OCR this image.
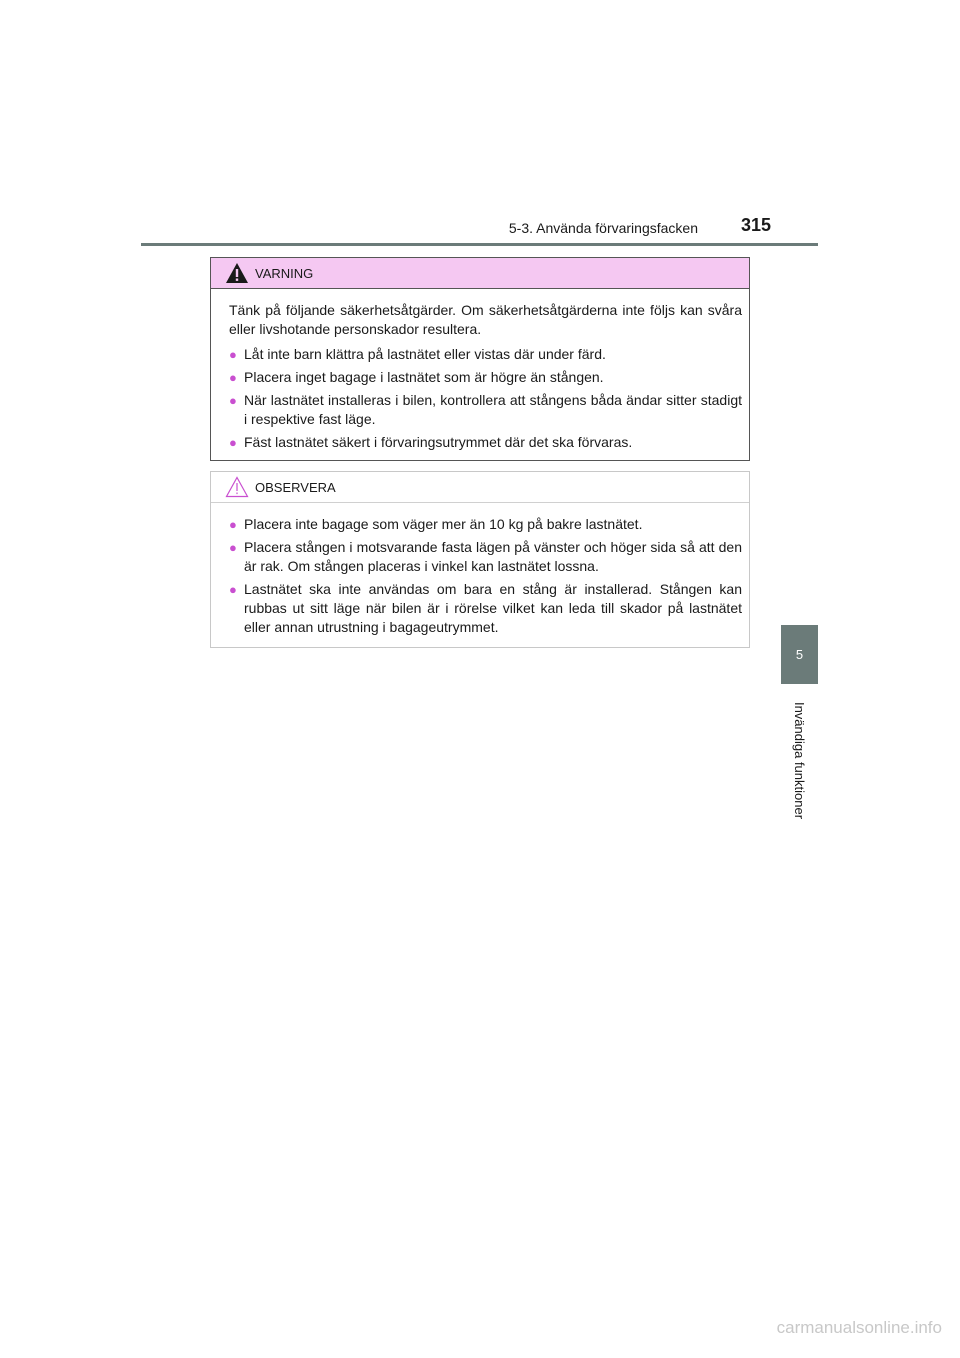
5-3. Använda förvaringsfacken 315
5
Invändiga funktioner
VARNING

Tänk på följande säkerhetsåtgärder. Om säkerhetsåtgärderna inte följs kan svåra eller livshotande personskador resultera.

● Låt inte barn klättra på lastnätet eller vistas där under färd.
● Placera inget bagage i lastnätet som är högre än stången.
● När lastnätet installeras i bilen, kontrollera att stångens båda ändar sitter stadigt i respektive fast läge.
● Fäst lastnätet säkert i förvaringsutrymmet där det ska förvaras.
OBSERVERA
● Placera inte bagage som väger mer än 10 kg på bakre lastnätet.
● Placera stången i motsvarande fasta lägen på vänster och höger sida så att den är rak. Om stången placeras i vinkel kan lastnätet lossna.
● Lastnätet ska inte användas om bara en stång är installerad. Stången kan rubbas ut sitt läge när bilen är i rörelse vilket kan leda till skador på lastnätet eller annan utrustning i bagageutrymmet.
carmanualsonline.info
